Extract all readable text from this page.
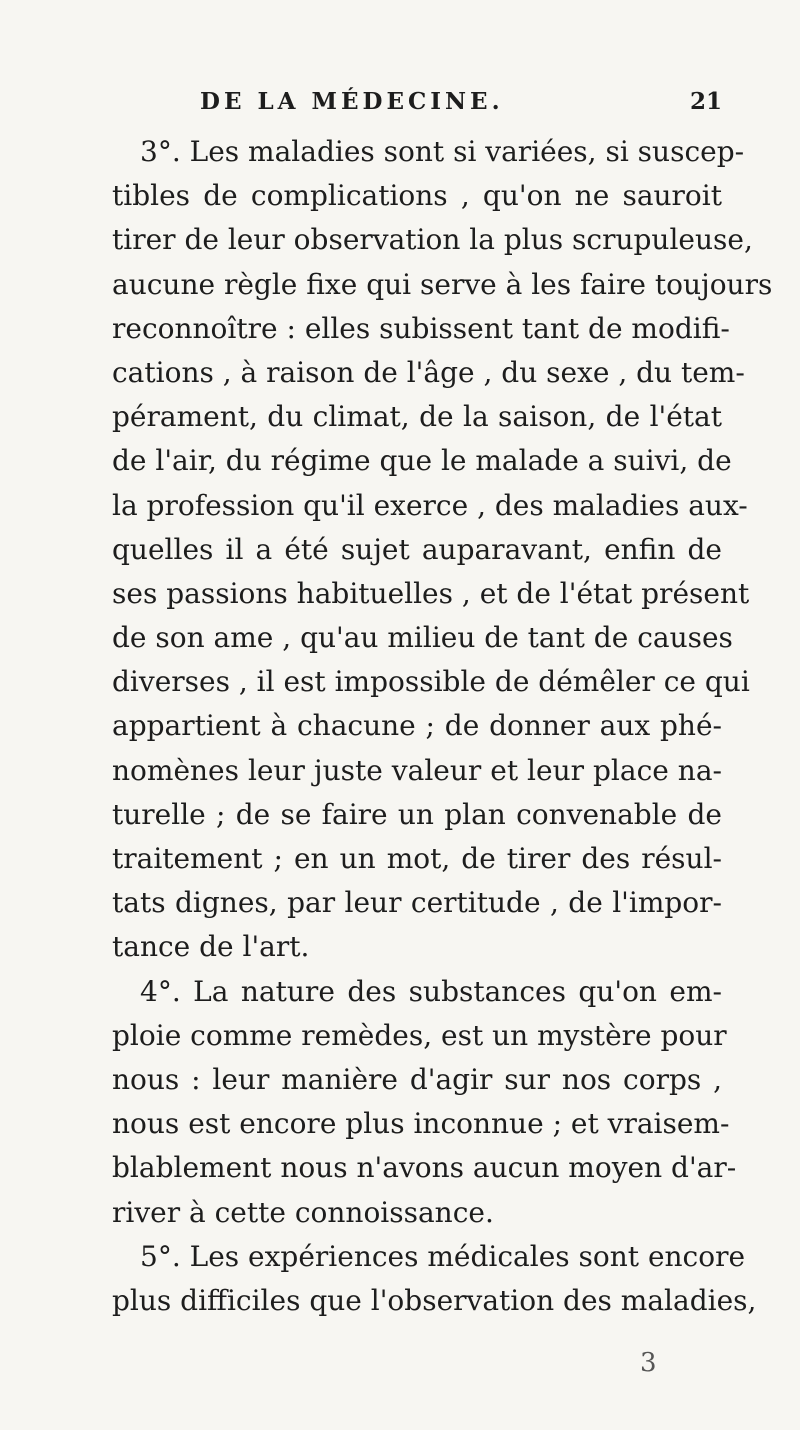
DE LA MÉDECINE.	21
3°. Les maladies sont si variées, si suscep-
tibles de complications , qu'on ne sauroit
tirer de leur observation la plus scrupuleuse,
aucune règle fixe qui serve à les faire toujours
reconnoître : elles subissent tant de modifi-
cations , à raison de l'âge , du sexe , du tem-
pérament, du climat, de la saison, de l'état
de l'air, du régime que le malade a suivi, de
la profession qu'il exerce , des maladies aux-
quelles il a été sujet auparavant, enfin de
ses passions habituelles , et de l'état présent
de son ame , qu'au milieu de tant de causes
diverses , il est impossible de démêler ce qui
appartient à chacune ; de donner aux phé-
nomènes leur juste valeur et leur place na-
turelle ; de se faire un plan convenable de
traitement ; en un mot, de tirer des résul-
tats dignes, par leur certitude , de l'impor-
tance de l'art.
4°. La nature des substances qu'on em-
ploie comme remèdes, est un mystère pour
nous : leur manière d'agir sur nos corps ,
nous est encore plus inconnue ; et vraisem-
blablement nous n'avons aucun moyen d'ar-
river à cette connoissance.
5°. Les expériences médicales sont encore
plus difficiles que l'observation des maladies,
3
